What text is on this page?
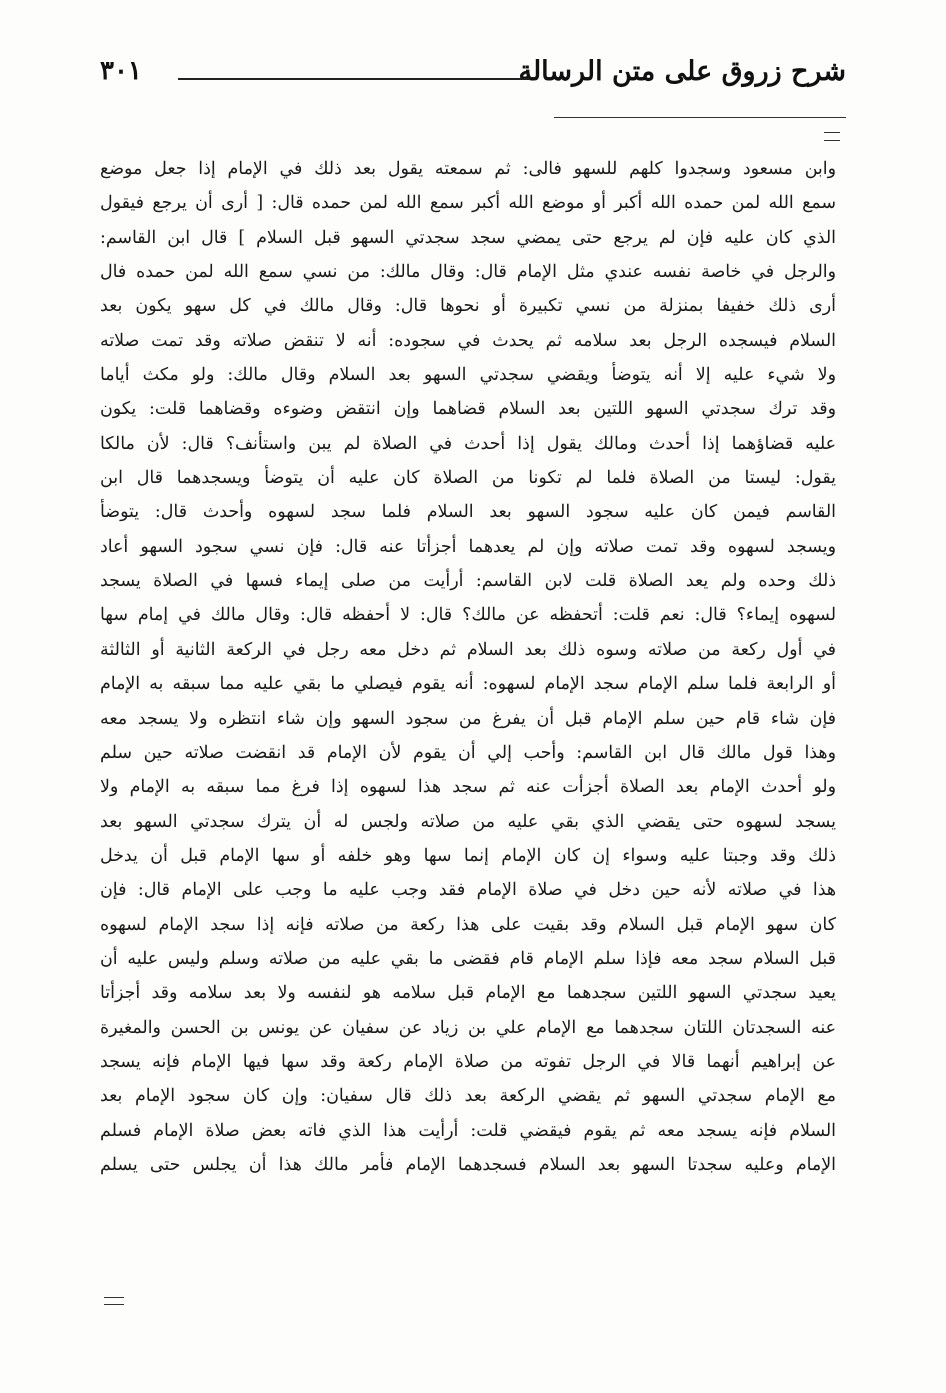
شرح زروق على متن الرسالة
٣٠١
وابن مسعود وسجدوا كلهم للسهو فالى: ثم سمعته يقول بعد ذلك في الإمام إذا جعل موضع
سمع الله لمن حمده الله أكبر أو موضع الله أكبر سمع الله لمن حمده قال: [ أرى أن يرجع فيقول
الذي كان عليه فإن لم يرجع حتى يمضي سجد سجدتي السهو قبل السلام ] قال ابن القاسم:
والرجل في خاصة نفسه عندي مثل الإمام قال: وقال مالك: من نسي سمع الله لمن حمده فال
أرى ذلك خفيفا بمنزلة من نسي تكبيرة أو نحوها قال: وقال مالك في كل سهو يكون بعد
السلام فيسجده الرجل بعد سلامه ثم يحدث في سجوده: أنه لا تنقض صلاته وقد تمت صلاته
ولا شيء عليه إلا أنه يتوضأ ويقضي سجدتي السهو بعد السلام وقال مالك: ولو مكث أياما
وقد ترك سجدتي السهو اللتين بعد السلام قضاهما وإن انتقض وضوءه وقضاهما قلت: يكون
عليه قضاؤهما إذا أحدث ومالك يقول إذا أحدث في الصلاة لم يبن واستأنف؟ قال: لأن مالكا
يقول: ليستا من الصلاة فلما لم تكونا من الصلاة كان عليه أن يتوضأ ويسجدهما قال ابن
القاسم فيمن كان عليه سجود السهو بعد السلام فلما سجد لسهوه وأحدث قال: يتوضأ
ويسجد لسهوه وقد تمت صلاته وإن لم يعدهما أجزأتا عنه قال: فإن نسي سجود السهو أعاد
ذلك وحده ولم يعد الصلاة قلت لابن القاسم: أرأيت من صلى إيماء فسها في الصلاة يسجد
لسهوه إيماء؟ قال: نعم قلت: أتحفظه عن مالك؟ قال: لا أحفظه قال: وقال مالك في إمام سها
في أول ركعة من صلاته وسوه ذلك بعد السلام ثم دخل معه رجل في الركعة الثانية أو الثالثة
أو الرابعة فلما سلم الإمام سجد الإمام لسهوه: أنه يقوم فيصلي ما بقي عليه مما سبقه به الإمام
فإن شاء قام حين سلم الإمام قبل أن يفرغ من سجود السهو وإن شاء انتظره ولا يسجد معه
وهذا قول مالك قال ابن القاسم: وأحب إلي أن يقوم لأن الإمام قد انقضت صلاته حين سلم
ولو أحدث الإمام بعد الصلاة أجزأت عنه ثم سجد هذا لسهوه إذا فرغ مما سبقه به الإمام ولا
يسجد لسهوه حتى يقضي الذي بقي عليه من صلاته ولجس له أن يترك سجدتي السهو بعد
ذلك وقد وجبتا عليه وسواء إن كان الإمام إنما سها وهو خلفه أو سها الإمام قبل أن يدخل
هذا في صلاته لأنه حين دخل في صلاة الإمام فقد وجب عليه ما وجب على الإمام قال: فإن
كان سهو الإمام قبل السلام وقد بقيت على هذا ركعة من صلاته فإنه إذا سجد الإمام لسهوه
قبل السلام سجد معه فإذا سلم الإمام قام فقضى ما بقي عليه من صلاته وسلم وليس عليه أن
يعيد سجدتي السهو اللتين سجدهما مع الإمام قبل سلامه هو لنفسه ولا بعد سلامه وقد أجزأتا
عنه السجدتان اللتان سجدهما مع الإمام علي بن زياد عن سفيان عن يونس بن الحسن والمغيرة
عن إبراهيم أنهما قالا في الرجل تفوته من صلاة الإمام ركعة وقد سها فيها الإمام فإنه يسجد
مع الإمام سجدتي السهو ثم يقضي الركعة بعد ذلك قال سفيان: وإن كان سجود الإمام بعد
السلام فإنه يسجد معه ثم يقوم فيقضي قلت: أرأيت هذا الذي فاته بعض صلاة الإمام فسلم
الإمام وعليه سجدتا السهو بعد السلام فسجدهما الإمام فأمر مالك هذا أن يجلس حتى يسلم
